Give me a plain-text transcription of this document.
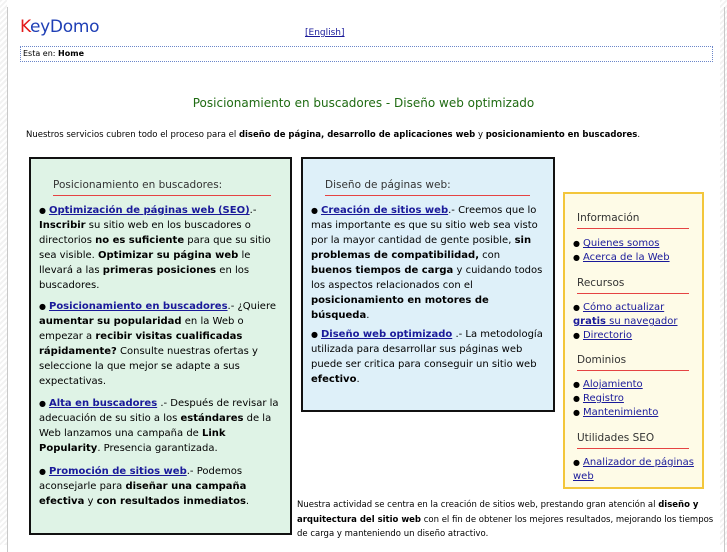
KeyDomo	[English]
Esta en: Home
Posicionamiento en buscadores - Diseño web optimizado
Nuestros servicios cubren todo el proceso para el diseño de página, desarrollo de aplicaciones web y posicionamiento en buscadores.
Posicionamiento en buscadores:

● Optimización de páginas web (SEO).- Inscribir su sitio web en los buscadores o directorios no es suficiente para que su sitio sea visible. Optimizar su página web le llevará a las primeras posiciones en los buscadores.

● Posicionamiento en buscadores.- ¿Quiere aumentar su popularidad en la Web o empezar a recibir visitas cualificadas rápidamente? Consulte nuestras ofertas y seleccione la que mejor se adapte a sus expectativas.

● Alta en buscadores .- Después de revisar la adecuación de su sitio a los estándares de la Web lanzamos una campaña de Link Popularity. Presencia garantizada.

● Promoción de sitios web.- Podemos aconsejarle para diseñar una campaña efectiva y con resultados inmediatos.

Diseño de páginas web:

● Creación de sitios web.- Creemos que lo mas importante es que su sitio web sea visto por la mayor cantidad de gente posible, sin problemas de compatibilidad, con buenos tiempos de carga y cuidando todos los aspectos relacionados con el posicionamiento en motores de búsqueda.

● Diseño web optimizado .- La metodología utilizada para desarrollar sus páginas web puede ser critica para conseguir un sitio web efectivo.

Información
● Quienes somos
● Acerca de la Web
Recursos
● Cómo actualizar
gratis su navegador
● Directorio
Dominios
● Alojamiento
● Registro
● Mantenimiento
Utilidades SEO
● Analizador de páginas web
Nuestra actividad se centra en la creación de sitios web, prestando gran atención al diseño y arquitectura del sitio web con el fin de obtener los mejores resultados, mejorando los tiempos de carga y manteniendo un diseño atractivo.
